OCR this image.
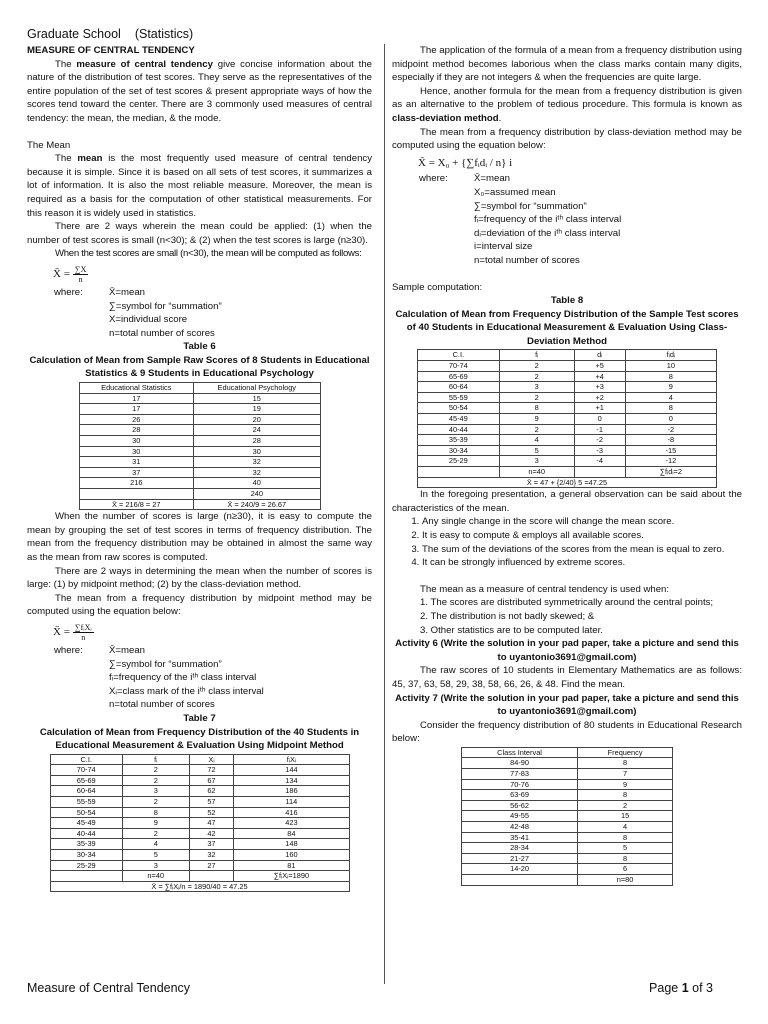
Graduate School (Statistics)

MEASURE OF CENTRAL TENDENCY

The measure of central tendency give concise information about the nature of the distribution of test scores. They serve as the representatives of the entire population of the set of test scores & present appropriate ways of how the scores tend toward the center. There are 3 commonly used measures of central tendency: the mean, the median, & the mode.

The Mean

The mean is the most frequently used measure of central tendency because it is simple. Since it is based on all sets of test scores, it summarizes a lot of information. It is also the most reliable measure. Moreover, the mean is required as a basis for the computation of other statistical measurements. For this reason it is widely used in statistics.

There are 2 ways wherein the mean could be applied: (1) when the number of test scores is small (n<30); & (2) when the test scores is large (n≥30).

When the test scores are small (n<30), the mean will be computed as follows:

X̄ = $\frac{\sum X}{n}$
where:	X̄=mean
∑=symbol for “summation”
X=individual score
n=total number of scores

Table 6

Calculation of Mean from Sample Raw Scores of 8 Students in Educational Statistics & 9 Students in Educational Psychology

Educational Statistics	Educational Psychology
17	15
17	19
26	20
28	24
30	28
30	30
31	32
37	32
216	40
	240
X̄ = 216/8 = 27	X̄ = 240/9 = 26.67

When the number of scores is large (n≥30), it is easy to compute the mean by grouping the set of test scores in terms of frequency distribution. The mean from the frequency distribution may be obtained in almost the same way as the mean from raw scores is computed.

There are 2 ways in determining the mean when the number of scores is large: (1) by midpoint method; (2) by the class-deviation method.

The mean from a frequency distribution by midpoint method may be computed using the equation below:

X̄ = $\frac{\text{∑fᵢXᵢ}}{n}$
where:	X̄=mean
∑=symbol for “summation”
fᵢ=frequency of the iᵗʰ class interval
Xᵢ=class mark of the iᵗʰ class interval
n=total number of scores

Table 7

Calculation of Mean from Frequency Distribution of the 40 Students in Educational Measurement & Evaluation Using Midpoint Method

C.I.	fᵢ	Xᵢ	fᵢXᵢ
70-74	2	72	144
65-69	2	67	134
60-64	3	62	186
55-59	2	57	114
50-54	8	52	416
45-49	9	47	423
40-44	2	42	84
35-39	4	37	148
30-34	5	32	160
25-29	3	27	81
	n=40		∑fᵢXᵢ=1890
X̄ = ∑fᵢXᵢ/n = 1890/40 = 47.25			

The application of the formula of a mean from a frequency distribution using midpoint method becomes laborious when the class marks contain many digits, especially if they are not integers & when the frequencies are quite large.

Hence, another formula for the mean from a frequency distribution is given as an alternative to the problem of tedious procedure. This formula is known as class-deviation method.

The mean from a frequency distribution by class-deviation method may be computed using the equation below:

X̄ = X₀ + {∑fᵢdᵢ / n} i
where:	X̄=mean
X₀=assumed mean
∑=symbol for “summation”
fᵢ=frequency of the iᵗʰ class interval
dᵢ=deviation of the iᵗʰ class interval
i=interval size
n=total number of scores

Sample computation:

Table 8

Calculation of Mean from Frequency Distribution of the Sample Test scores of 40 Students in Educational Measurement & Evaluation Using Class-Deviation Method

C.I.	fᵢ	dᵢ	fᵢdᵢ
70-74	2	+5	10
65-69	2	+4	8
60-64	3	+3	9
55-59	2	+2	4
50-54	8	+1	8
45-49	9	0	0
40-44	2	-1	-2
35-39	4	-2	-8
30-34	5	-3	-15
25-29	3	-4	-12
	n=40		∑fᵢdᵢ=2
X̄ = 47 + {2/40} 5 =47.25			

In the foregoing presentation, a general observation can be said about the characteristics of the mean.

1. Any single change in the score will change the mean score.
2. It is easy to compute & employs all available scores.
3. The sum of the deviations of the scores from the mean is equal to zero.
4. It can be strongly influenced by extreme scores.

The mean as a measure of central tendency is used when:

1. The scores are distributed symmetrically around the central points;
2. The distribution is not badly skewed; &
3. Other statistics are to be computed later.

Activity 6 (Write the solution in your pad paper, take a picture and send this to uyantonio3691@gmail.com)

The raw scores of 10 students in Elementary Mathematics are as follows: 45, 37, 63, 58, 29, 38, 58, 66, 26, & 48. Find the mean.

Activity 7 (Write the solution in your pad paper, take a picture and send this to uyantonio3691@gmail.com)

Consider the frequency distribution of 80 students in Educational Research below:

Class Interval	Frequency
84-90	8
77-83	7
70-76	9
63-69	8
56-62	2
49-55	15
42-48	4
35-41	8
28-34	5
21-27	8
14-20	6
	n=80
Measure of Central Tendency	Page 1 of 3
